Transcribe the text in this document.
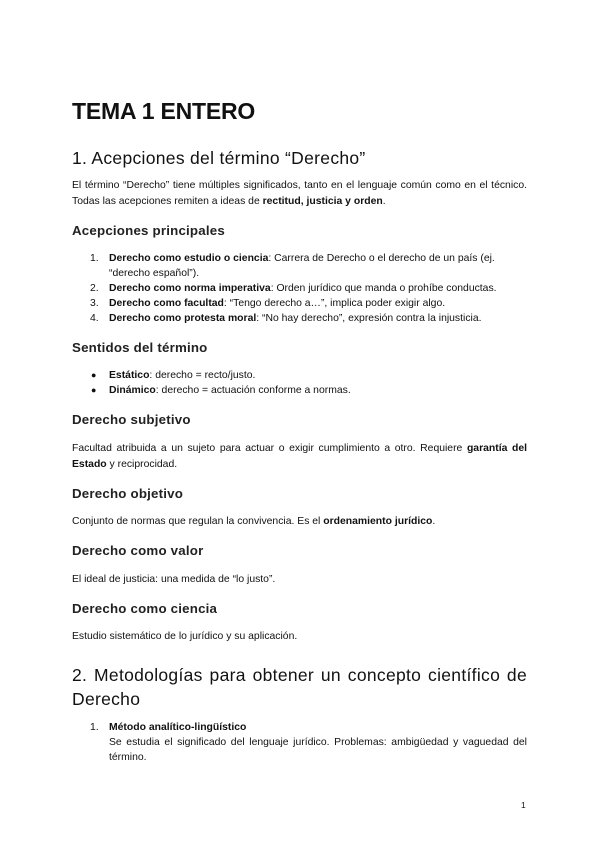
TEMA 1 ENTERO
1. Acepciones del término “Derecho”

El término “Derecho” tiene múltiples significados, tanto en el lenguaje común como en el técnico. Todas las acepciones remiten a ideas de rectitud, justicia y orden.

Acepciones principales
1. Derecho como estudio o ciencia: Carrera de Derecho o el derecho de un país (ej. “derecho español”).
2. Derecho como norma imperativa: Orden jurídico que manda o prohíbe conductas.
3. Derecho como facultad: “Tengo derecho a…”, implica poder exigir algo.
4. Derecho como protesta moral: “No hay derecho”, expresión contra la injusticia.
Sentidos del término
● Estático: derecho = recto/justo.
● Dinámico: derecho = actuación conforme a normas.
Derecho subjetivo

Facultad atribuida a un sujeto para actuar o exigir cumplimiento a otro. Requiere garantía del Estado y reciprocidad.

Derecho objetivo

Conjunto de normas que regulan la convivencia. Es el ordenamiento jurídico.

Derecho como valor

El ideal de justicia: una medida de “lo justo”.

Derecho como ciencia

Estudio sistemático de lo jurídico y su aplicación.

2. Metodologías para obtener un concepto científico de Derecho
1. Método analítico-lingüístico
Se estudia el significado del lenguaje jurídico. Problemas: ambigüedad y vaguedad del término.
1
